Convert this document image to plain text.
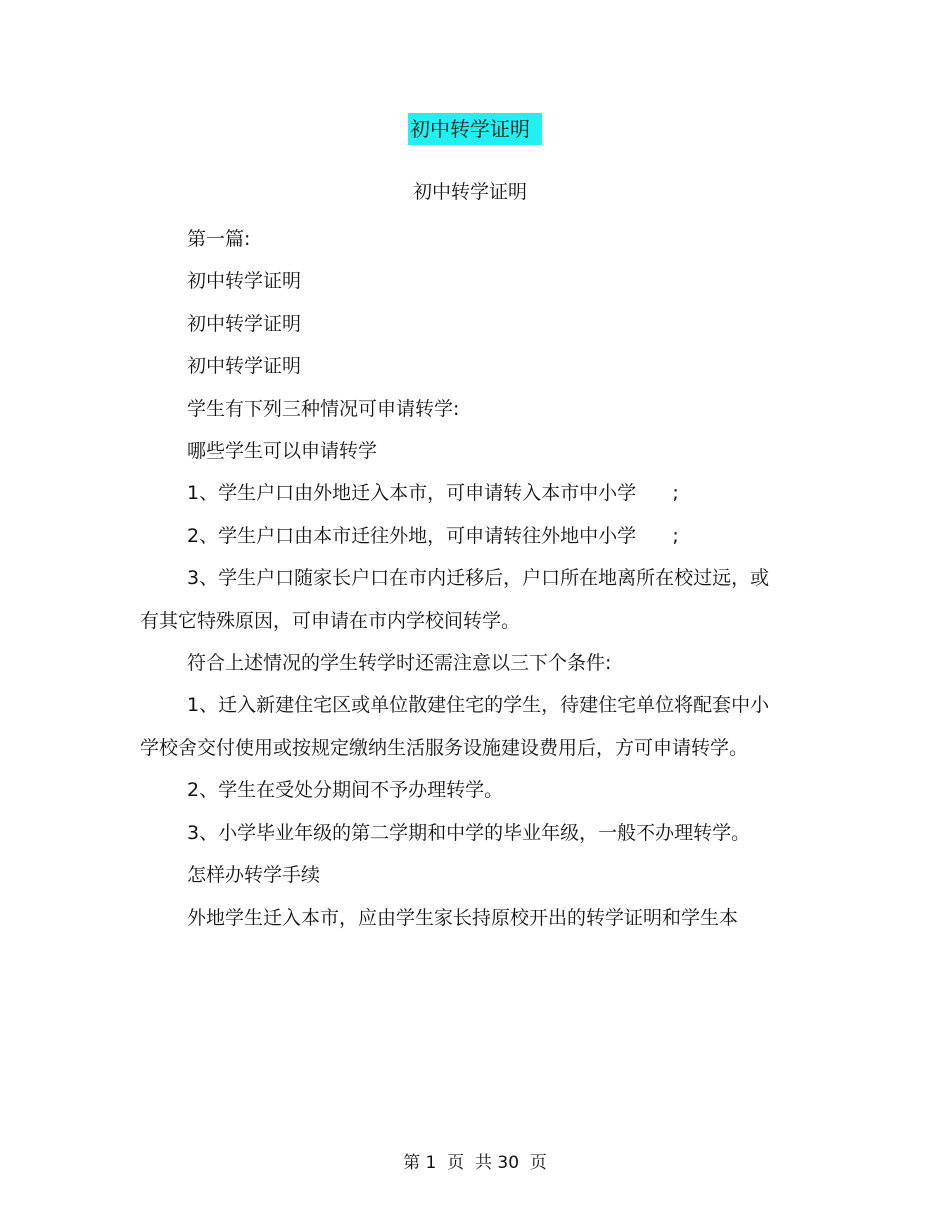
初中转学证明
初中转学证明

第一篇:

初中转学证明

初中转学证明

初中转学证明

学生有下列三种情况可申请转学:

哪些学生可以申请转学

1、学生户口由外地迁入本市，可申请转入本市中小学      ;

2、学生户口由本市迁往外地，可申请转往外地中小学      ;

3、学生户口随家长户口在市内迁移后，户口所在地离所在校过远，或有其它特殊原因，可申请在市内学校间转学。

符合上述情况的学生转学时还需注意以三下个条件:

1、迁入新建住宅区或单位散建住宅的学生，待建住宅单位将配套中小学校舍交付使用或按规定缴纳生活服务设施建设费用后，方可申请转学。

2、学生在受处分期间不予办理转学。

3、小学毕业年级的第二学期和中学的毕业年级，一般不办理转学。

怎样办转学手续

外地学生迁入本市，应由学生家长持原校开出的转学证明和学生本

第 1  页  共 30  页
